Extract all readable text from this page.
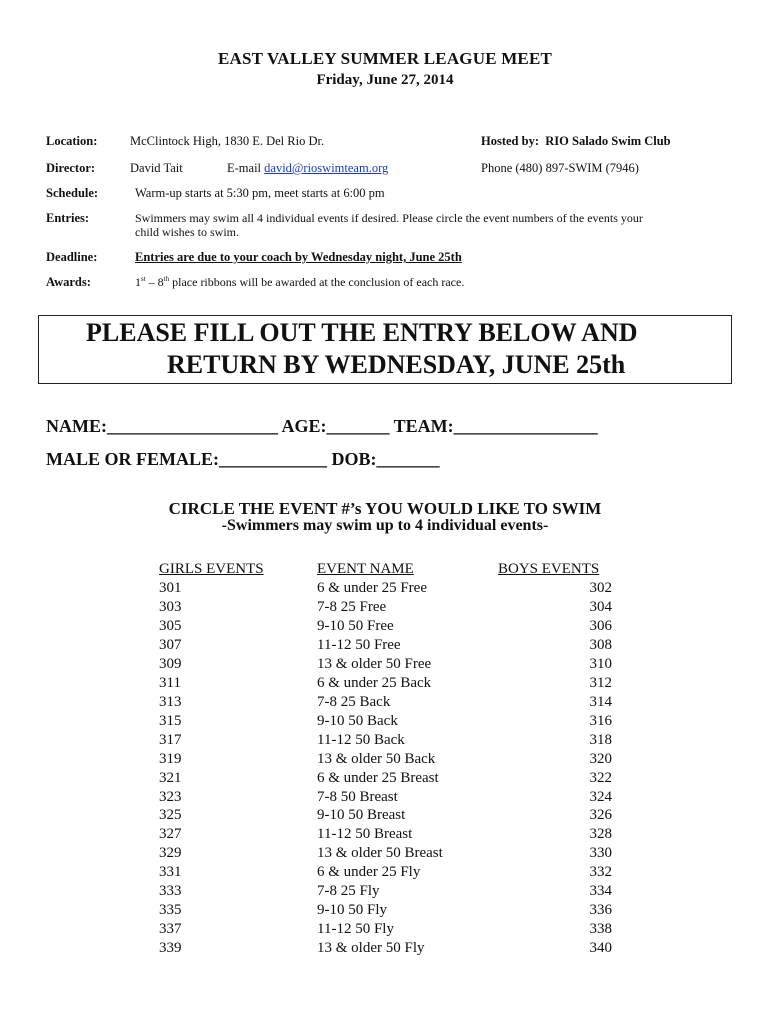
EAST VALLEY SUMMER LEAGUE MEET
Friday, June 27, 2014
Location:	McClintock High, 1830 E. Del Rio Dr.	Hosted by: RIO Salado Swim Club
Director:	David Tait	E-mail david@rioswimteam.org	Phone (480) 897-SWIM (7946)
Schedule:	Warm-up starts at 5:30 pm, meet starts at 6:00 pm
Entries:	Swimmers may swim all 4 individual events if desired. Please circle the event numbers of the events your
child wishes to swim.
Deadline:	Entries are due to your coach by Wednesday night, June 25th
Awards:	1st – 8th place ribbons will be awarded at the conclusion of each race.
PLEASE FILL OUT THE ENTRY BELOW AND
RETURN BY WEDNESDAY, JUNE 25th
NAME:___________________ AGE:_______ TEAM:________________
MALE OR FEMALE:____________ DOB:_______
CIRCLE THE EVENT #’s YOU WOULD LIKE TO SWIM
-Swimmers may swim up to 4 individual events-
GIRLS EVENTS	EVENT NAME	BOYS EVENTS
301	6 & under 25 Free	302
303	7-8 25 Free	304
305	9-10 50 Free	306
307	11-12 50 Free	308
309	13 & older 50 Free	310
311	6 & under 25 Back	312
313	7-8 25 Back	314
315	9-10 50 Back	316
317	11-12 50 Back	318
319	13 & older 50 Back	320
321	6 & under 25 Breast	322
323	7-8 50 Breast	324
325	9-10 50 Breast	326
327	11-12 50 Breast	328
329	13 & older 50 Breast	330
331	6 & under 25 Fly	332
333	7-8 25 Fly	334
335	9-10 50 Fly	336
337	11-12 50 Fly	338
339	13 & older 50 Fly	340
